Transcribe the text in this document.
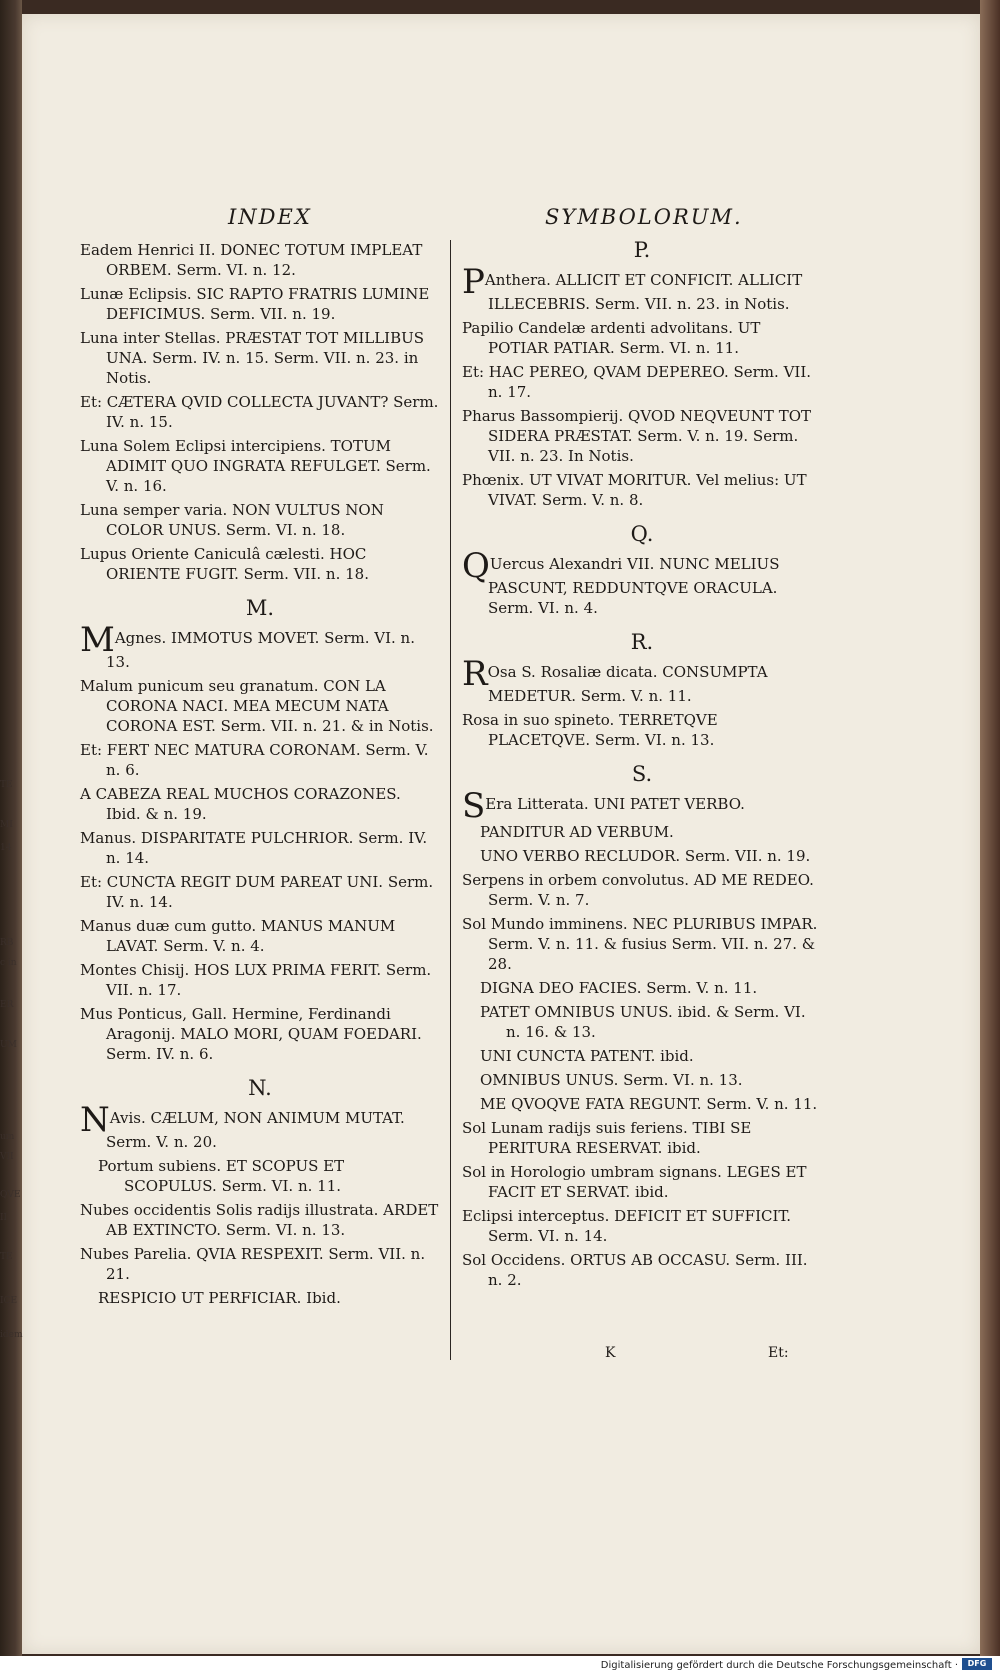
TE
MI
14
RB
c in
ER
UM
um
VII
QVE
II
TE
ICE
idem
INDEX	SYMBOLORUM.
Eadem Henrici II. DONEC TOTUM IMPLEAT ORBEM. Serm. VI. n. 12.
Lunæ Eclipsis. SIC RAPTO FRATRIS LUMINE DEFICIMUS. Serm. VII. n. 19.
Luna inter Stellas. PRÆSTAT TOT MILLIBUS UNA. Serm. IV. n. 15. Serm. VII. n. 23. in Notis.
Et: CÆTERA QVID COLLECTA JUVANT? Serm. IV. n. 15.
Luna Solem Eclipsi intercipiens. TOTUM ADIMIT QUO INGRATA REFULGET. Serm. V. n. 16.
Luna semper varia. NON VULTUS NON COLOR UNUS. Serm. VI. n. 18.
Lupus Oriente Caniculâ cælesti. HOC ORIENTE FUGIT. Serm. VII. n. 18.
M.
MAgnes. IMMOTUS MOVET. Serm. VI. n. 13.
Malum punicum seu granatum. CON LA CORONA NACI. MEA MECUM NATA CORONA EST. Serm. VII. n. 21. & in Notis.
Et: FERT NEC MATURA CORONAM. Serm. V. n. 6.
A CABEZA REAL MUCHOS CORAZONES. Ibid. & n. 19.
Manus. DISPARITATE PULCHRIOR. Serm. IV. n. 14.
Et: CUNCTA REGIT DUM PAREAT UNI. Serm. IV. n. 14.
Manus duæ cum gutto. MANUS MANUM LAVAT. Serm. V. n. 4.
Montes Chisij. HOS LUX PRIMA FERIT. Serm. VII. n. 17.
Mus Ponticus, Gall. Hermine, Ferdinandi Aragonij. MALO MORI, QUAM FOEDARI. Serm. IV. n. 6.
N.
NAvis. CÆLUM, NON ANIMUM MUTAT. Serm. V. n. 20.
Portum subiens. ET SCOPUS ET SCOPULUS. Serm. VI. n. 11.
Nubes occidentis Solis radijs illustrata. ARDET AB EXTINCTO. Serm. VI. n. 13.
Nubes Parelia. QVIA RESPEXIT. Serm. VII. n. 21.
RESPICIO UT PERFICIAR. Ibid.
P.
PAnthera. ALLICIT ET CONFICIT. ALLICIT ILLECEBRIS. Serm. VII. n. 23. in Notis.
Papilio Candelæ ardenti advolitans. UT POTIAR PATIAR. Serm. VI. n. 11.
Et: HAC PEREO, QVAM DEPEREO. Serm. VII. n. 17.
Pharus Bassompierij. QVOD NEQVEUNT TOT SIDERA PRÆSTAT. Serm. V. n. 19. Serm. VII. n. 23. In Notis.
Phœnix. UT VIVAT MORITUR. Vel melius: UT VIVAT. Serm. V. n. 8.
Q.
QUercus Alexandri VII. NUNC MELIUS PASCUNT, REDDUNTQVE ORACULA. Serm. VI. n. 4.
R.
ROsa S. Rosaliæ dicata. CONSUMPTA MEDETUR. Serm. V. n. 11.
Rosa in suo spineto. TERRETQVE PLACETQVE. Serm. VI. n. 13.
S.
SEra Litterata. UNI PATET VERBO.
PANDITUR AD VERBUM.
UNO VERBO RECLUDOR. Serm. VII. n. 19.
Serpens in orbem convolutus. AD ME REDEO. Serm. V. n. 7.
Sol Mundo imminens. NEC PLURIBUS IMPAR. Serm. V. n. 11. & fusius Serm. VII. n. 27. & 28.
DIGNA DEO FACIES. Serm. V. n. 11.
PATET OMNIBUS UNUS. ibid. & Serm. VI. n. 16. & 13.
UNI CUNCTA PATENT. ibid.
OMNIBUS UNUS. Serm. VI. n. 13.
ME QVOQVE FATA REGUNT. Serm. V. n. 11.
Sol Lunam radijs suis feriens. TIBI SE PERITURA RESERVAT. ibid.
Sol in Horologio umbram signans. LEGES ET FACIT ET SERVAT. ibid.
Eclipsi interceptus. DEFICIT ET SUFFICIT. Serm. VI. n. 14.
Sol Occidens. ORTUS AB OCCASU. Serm. III. n. 2.
K	Et:
Digitalisierung gefördert durch die Deutsche Forschungsgemeinschaft ·	DFG
